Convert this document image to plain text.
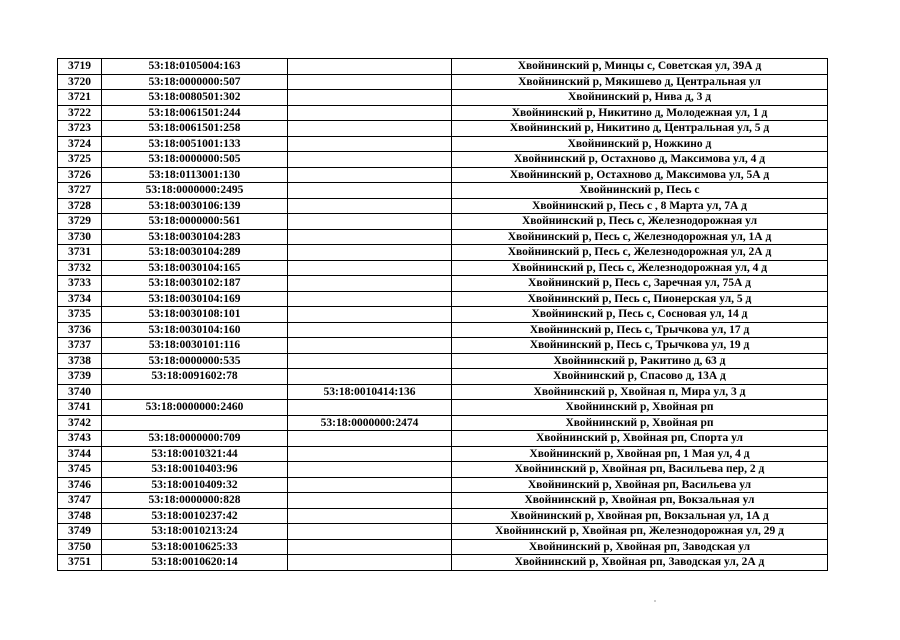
3719	53:18:0105004:163		Хвойнинский р, Минцы с, Советская ул, 39А д
3720	53:18:0000000:507		Хвойнинский р, Мякишево д, Центральная ул
3721	53:18:0080501:302		Хвойнинский р, Нива д, 3 д
3722	53:18:0061501:244		Хвойнинский р, Никитино д, Молодежная ул, 1 д
3723	53:18:0061501:258		Хвойнинский р, Никитино д, Центральная ул, 5 д
3724	53:18:0051001:133		Хвойнинский р, Ножкино д
3725	53:18:0000000:505		Хвойнинский р, Остахново д, Максимова ул, 4 д
3726	53:18:0113001:130		Хвойнинский р, Остахново д, Максимова ул, 5А д
3727	53:18:0000000:2495		Хвойнинский р, Песь с
3728	53:18:0030106:139		Хвойнинский р, Песь с , 8 Марта ул, 7А д
3729	53:18:0000000:561		Хвойнинский р, Песь с, Железнодорожная ул
3730	53:18:0030104:283		Хвойнинский р, Песь с, Железнодорожная ул, 1А д
3731	53:18:0030104:289		Хвойнинский р, Песь с, Железнодорожная ул, 2А д
3732	53:18:0030104:165		Хвойнинский р, Песь с, Железнодорожная ул, 4 д
3733	53:18:0030102:187		Хвойнинский р, Песь с, Заречная ул, 75А д
3734	53:18:0030104:169		Хвойнинский р, Песь с, Пионерская ул, 5 д
3735	53:18:0030108:101		Хвойнинский р, Песь с, Сосновая ул, 14 д
3736	53:18:0030104:160		Хвойнинский р, Песь с, Трычкова ул, 17 д
3737	53:18:0030101:116		Хвойнинский р, Песь с, Трычкова ул, 19 д
3738	53:18:0000000:535		Хвойнинский р, Ракитино д, 63 д
3739	53:18:0091602:78		Хвойнинский р, Спасово д, 13А д
3740		53:18:0010414:136	Хвойнинский р, Хвойная п, Мира ул, 3 д
3741	53:18:0000000:2460		Хвойнинский р, Хвойная рп
3742		53:18:0000000:2474	Хвойнинский р, Хвойная рп
3743	53:18:0000000:709		Хвойнинский р, Хвойная рп, Спорта ул
3744	53:18:0010321:44		Хвойнинский р, Хвойная рп, 1 Мая ул, 4 д
3745	53:18:0010403:96		Хвойнинский р, Хвойная рп, Васильева пер, 2 д
3746	53:18:0010409:32		Хвойнинский р, Хвойная рп, Васильева ул
3747	53:18:0000000:828		Хвойнинский р, Хвойная рп, Вокзальная ул
3748	53:18:0010237:42		Хвойнинский р, Хвойная рп, Вокзальная ул, 1А д
3749	53:18:0010213:24		Хвойнинский р, Хвойная рп, Железнодорожная ул, 29 д
3750	53:18:0010625:33		Хвойнинский р, Хвойная рп, Заводская ул
3751	53:18:0010620:14		Хвойнинский р, Хвойная рп, Заводская ул, 2А д
